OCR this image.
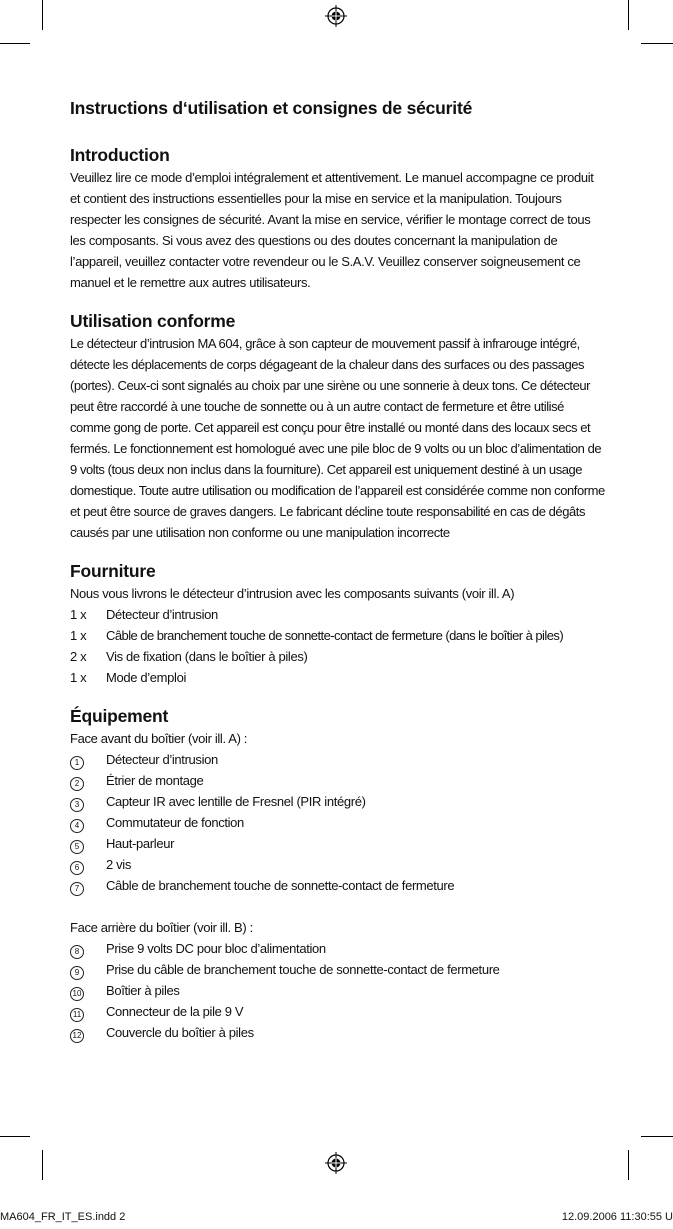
Instructions d‘utilisation et consignes de sécurité
Introduction

Veuillez lire ce mode d’emploi intégralement et attentivement. Le manuel accompagne ce produit et contient des instructions essentielles pour la mise en service et la manipulation. Toujours respecter les consignes de sécurité. Avant la mise en service, vérifier le montage correct de tous les composants. Si vous avez des questions ou des doutes concernant la manipulation de l’appareil, veuillez contacter votre revendeur ou le S.A.V. Veuillez conserver soigneusement ce manuel et le remettre aux autres utilisateurs.

Utilisation conforme

Le détecteur d’intrusion MA 604, grâce à son capteur de mouvement passif à infrarouge intégré, détecte les déplacements de corps dégageant de la chaleur dans des surfaces ou des passages (portes). Ceux-ci sont signalés au choix par une sirène ou une sonnerie à deux tons. Ce détecteur peut être raccordé à une touche de sonnette ou à un autre contact de fermeture et être utilisé comme gong de porte. Cet appareil est conçu pour être installé ou monté dans des locaux secs et fermés. Le fonctionnement est homologué avec une pile bloc de 9 volts ou un bloc d’alimentation de 9 volts (tous deux non inclus dans la fourniture). Cet appareil est uniquement destiné à un usage domestique. Toute autre utilisation ou modification de l’appareil est considérée comme non conforme et peut être source de graves dangers. Le fabricant décline toute responsabilité en cas de dégâts causés par une utilisation non conforme ou une manipulation incorrecte

Fourniture

Nous vous livrons le détecteur d’intrusion avec les composants suivants (voir ill. A)

1 x	Détecteur d’intrusion
1 x	Câble de branchement touche de sonnette-contact de fermeture (dans le boîtier à piles)
2 x	Vis de fixation (dans le boîtier à piles)
1 x	Mode d’emploi
Équipement

Face avant du boîtier (voir ill. A) :

1	Détecteur d’intrusion
2	Étrier de montage
3	Capteur IR avec lentille de Fresnel (PIR intégré)
4	Commutateur de fonction
5	Haut-parleur
6	2 vis
7	Câble de branchement touche de sonnette-contact de fermeture

Face arrière du boîtier (voir ill. B) :

8	Prise 9 volts DC pour bloc d’alimentation
9	Prise du câble de branchement touche de sonnette-contact de fermeture
10	Boîtier à piles
11	Connecteur de la pile 9 V
12	Couvercle du boîtier à piles
MA604_FR_IT_ES.indd 2	12.09.2006 11:30:55 U
